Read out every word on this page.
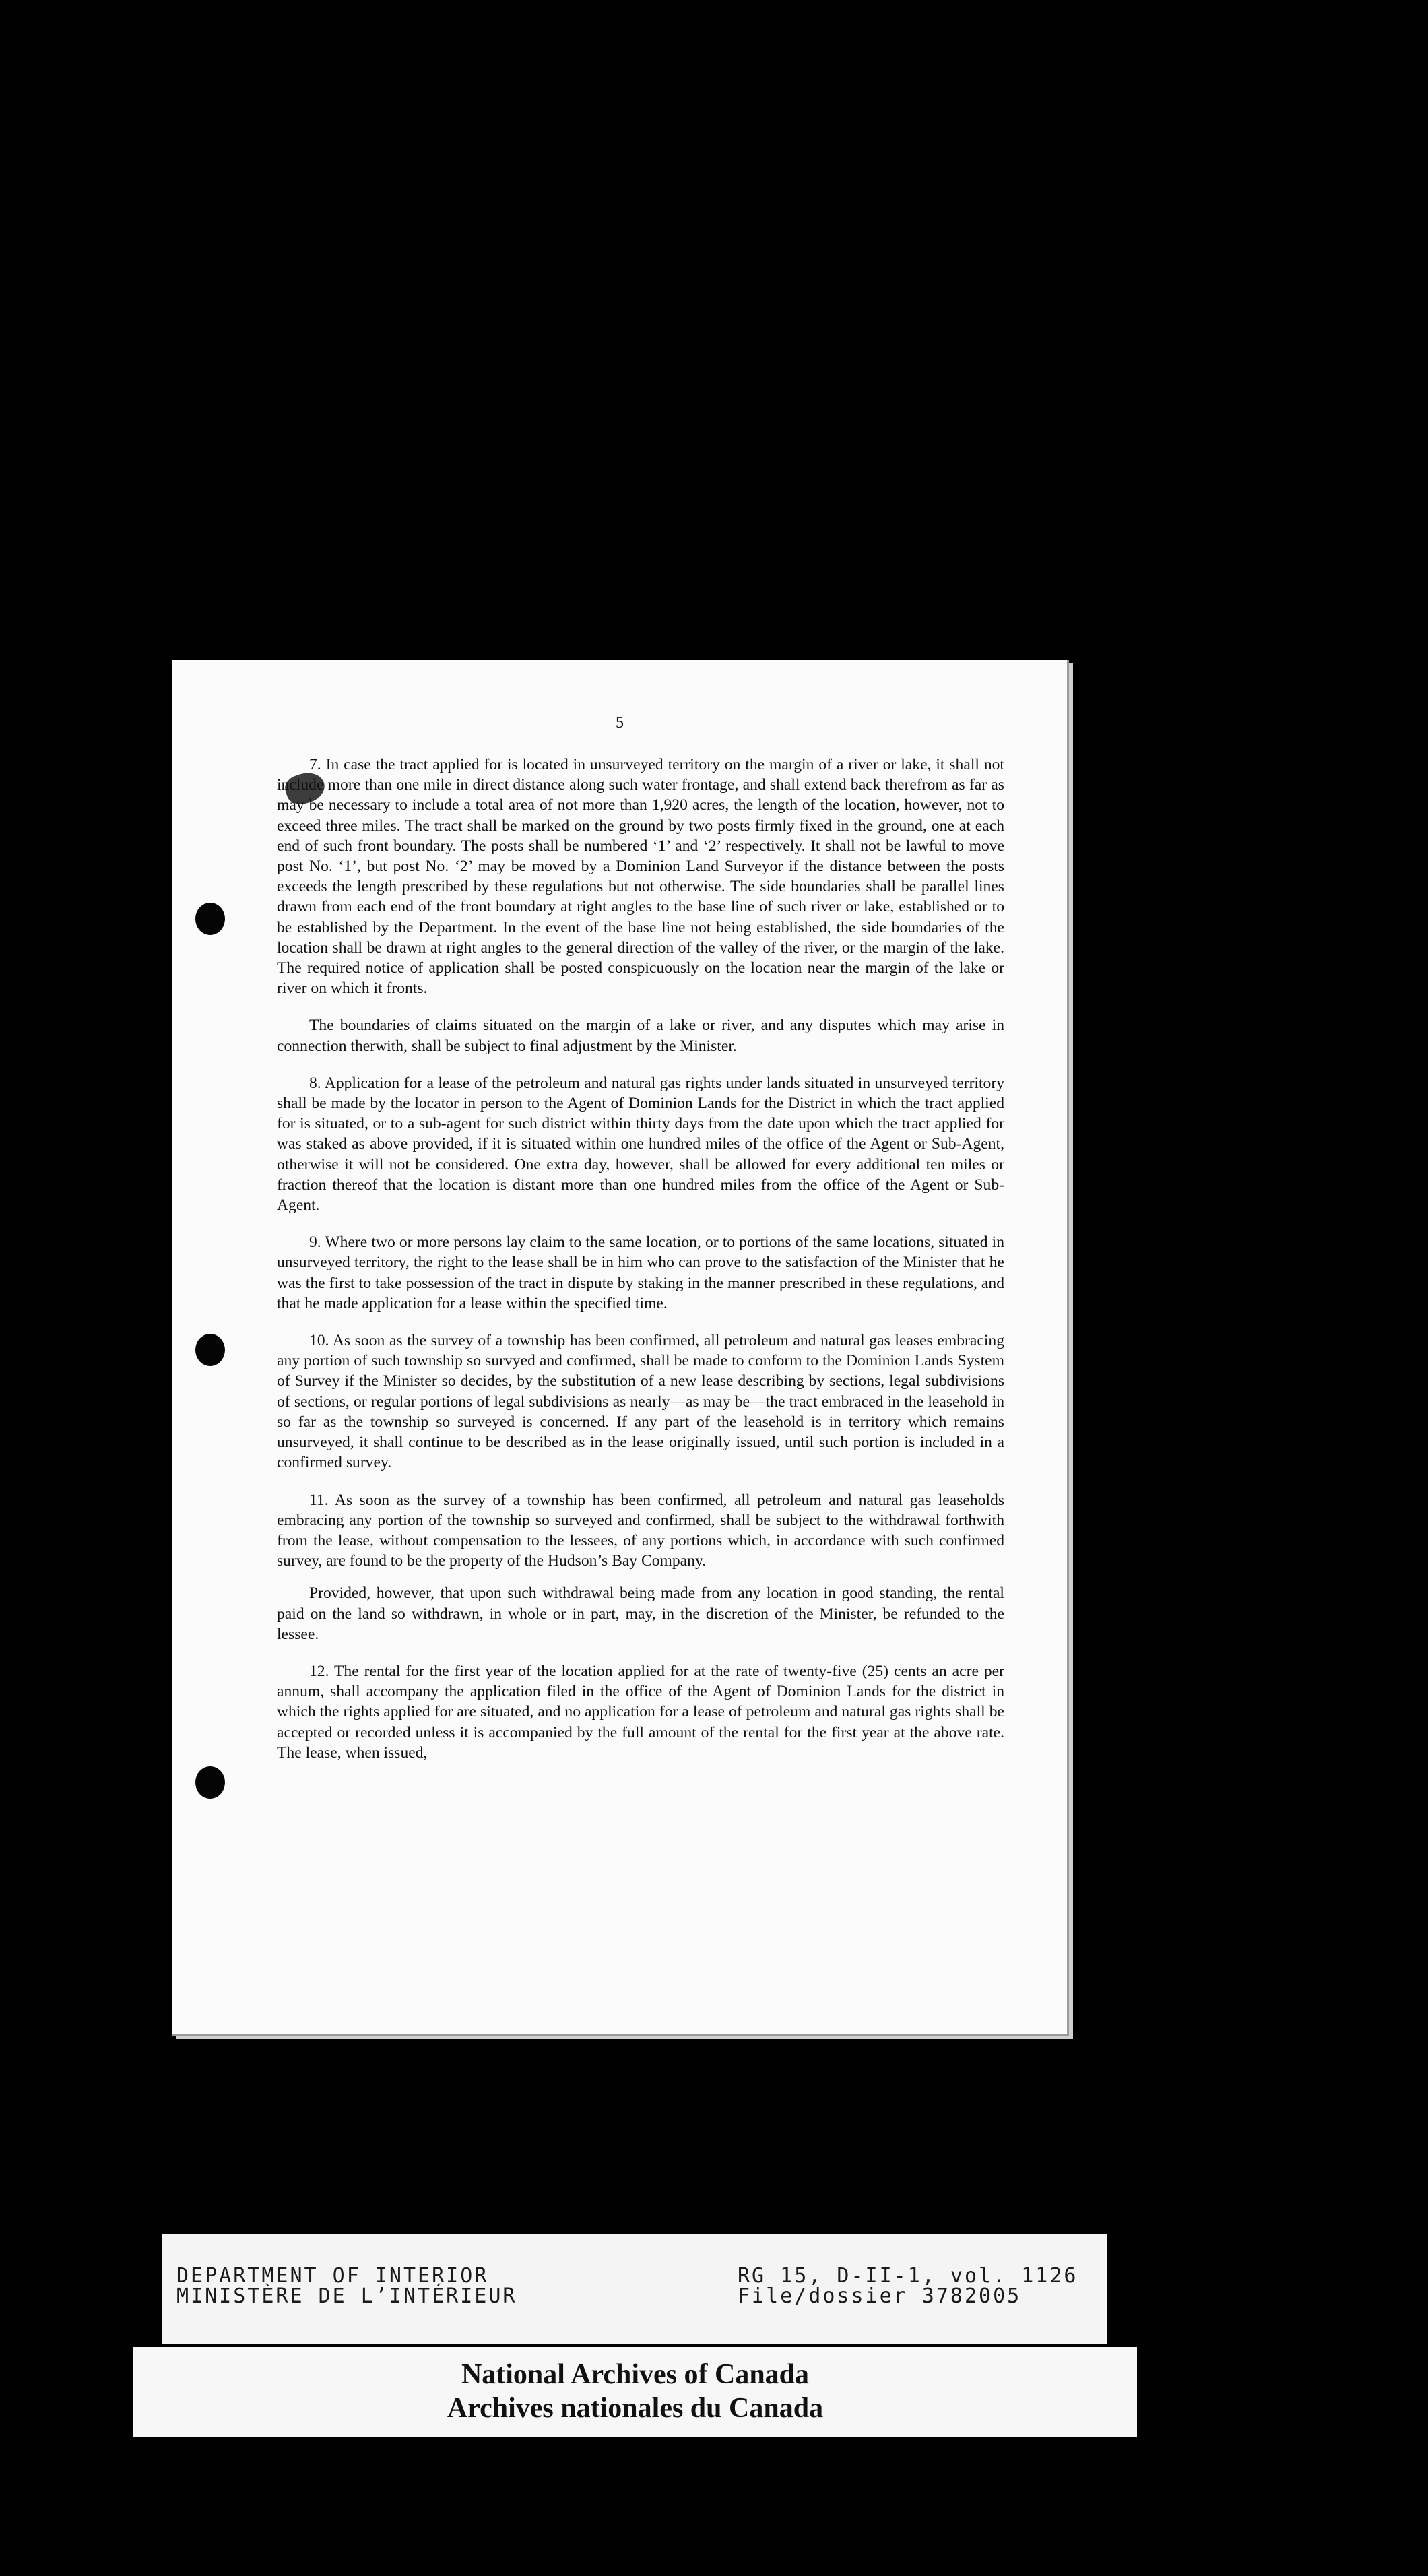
5

7. In case the tract applied for is located in unsurveyed territory on the margin of a river or lake, it shall not include more than one mile in direct distance along such water frontage, and shall extend back therefrom as far as may be necessary to include a total area of not more than 1,920 acres, the length of the location, however, not to exceed three miles. The tract shall be marked on the ground by two posts firmly fixed in the ground, one at each end of such front boundary. The posts shall be numbered ‘1’ and ‘2’ respectively. It shall not be lawful to move post No. ‘1’, but post No. ‘2’ may be moved by a Dominion Land Surveyor if the distance between the posts exceeds the length prescribed by these regulations but not otherwise. The side boundaries shall be parallel lines drawn from each end of the front boundary at right angles to the base line of such river or lake, established or to be established by the Department. In the event of the base line not being established, the side boundaries of the location shall be drawn at right angles to the general direction of the valley of the river, or the margin of the lake. The required notice of application shall be posted conspicuously on the location near the margin of the lake or river on which it fronts.

The boundaries of claims situated on the margin of a lake or river, and any disputes which may arise in connection therwith, shall be subject to final adjustment by the Minister.

8. Application for a lease of the petroleum and natural gas rights under lands situated in unsurveyed territory shall be made by the locator in person to the Agent of Dominion Lands for the District in which the tract applied for is situated, or to a sub-agent for such district within thirty days from the date upon which the tract applied for was staked as above provided, if it is situated within one hundred miles of the office of the Agent or Sub-Agent, otherwise it will not be considered. One extra day, however, shall be allowed for every additional ten miles or fraction thereof that the location is distant more than one hundred miles from the office of the Agent or Sub-Agent.

9. Where two or more persons lay claim to the same location, or to portions of the same locations, situated in unsurveyed territory, the right to the lease shall be in him who can prove to the satisfaction of the Minister that he was the first to take possession of the tract in dispute by staking in the manner prescribed in these regulations, and that he made application for a lease within the specified time.

10. As soon as the survey of a township has been confirmed, all petroleum and natural gas leases embracing any portion of such township so survyed and confirmed, shall be made to conform to the Dominion Lands System of Survey if the Minister so decides, by the substitution of a new lease describing by sections, legal subdivisions of sections, or regular portions of legal subdivisions as nearly—as may be—the tract embraced in the leasehold in so far as the township so surveyed is concerned. If any part of the leasehold is in territory which remains unsurveyed, it shall continue to be described as in the lease originally issued, until such portion is included in a confirmed survey.

11. As soon as the survey of a township has been confirmed, all petroleum and natural gas leaseholds embracing any portion of the township so surveyed and confirmed, shall be subject to the withdrawal forthwith from the lease, without compensation to the lessees, of any portions which, in accordance with such confirmed survey, are found to be the property of the Hudson’s Bay Company.

Provided, however, that upon such withdrawal being made from any location in good standing, the rental paid on the land so withdrawn, in whole or in part, may, in the discretion of the Minister, be refunded to the lessee.

12. The rental for the first year of the location applied for at the rate of twenty-five (25) cents an acre per annum, shall accompany the application filed in the office of the Agent of Dominion Lands for the district in which the rights applied for are situated, and no application for a lease of petroleum and natural gas rights shall be accepted or recorded unless it is accompanied by the full amount of the rental for the first year at the above rate. The lease, when issued,

DEPARTMENT OF INTERIOR
MINISTÈRE DE L’INTÉRIEUR
RG 15, D-II-1, vol. 1126
File/dossier 3782005
National Archives of Canada
Archives nationales du Canada
